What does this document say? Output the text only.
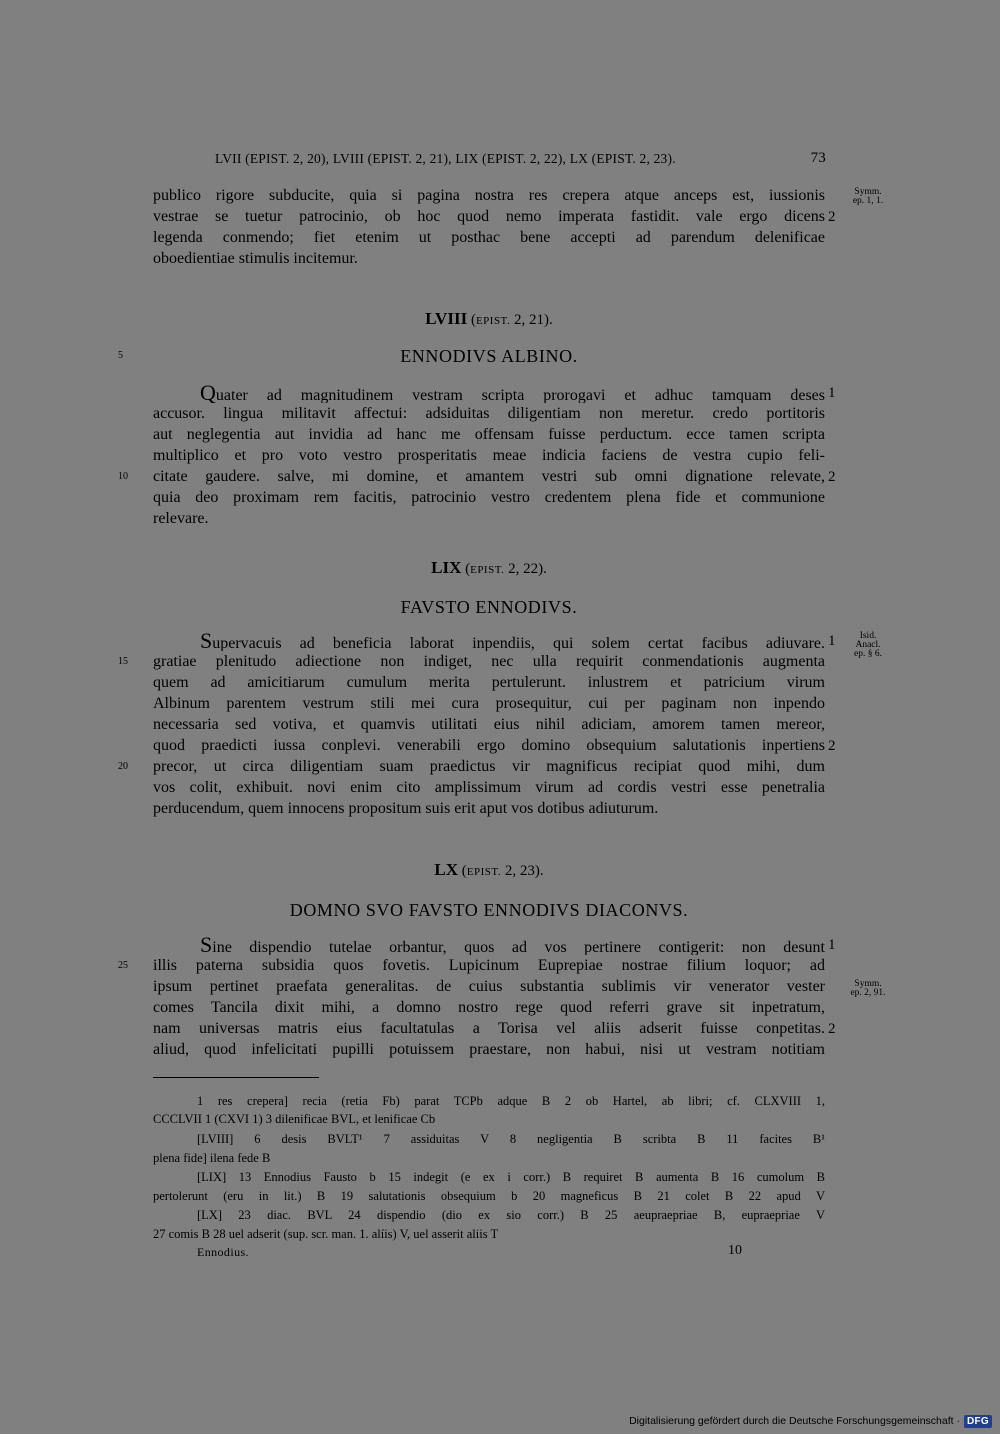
LVII (EPIST. 2, 20), LVIII (EPIST. 2, 21), LIX (EPIST. 2, 22), LX (EPIST. 2, 23).	73
publico rigore subducite, quia si pagina nostra res crepera atque anceps est, iussionis
vestrae se tuetur patrocinio, ob hoc quod nemo imperata fastidit. vale ergo dicens
legenda conmendo; fiet etenim ut posthac bene accepti ad parendum delenificae
oboedientiae stimulis incitemur.
2
Symm.
ep. 1, 1.
LVIII (EPIST. 2, 21).
5	ENNODIVS ALBINO.
Quater ad magnitudinem vestram scripta prorogavi et adhuc tamquam deses
accusor. lingua militavit affectui: adsiduitas diligentiam non meretur. credo portitoris
aut neglegentia aut invidia ad hanc me offensam fuisse perductum. ecce tamen scripta
multiplico et pro voto vestro prosperitatis meae indicia faciens de vestra cupio feli-
citate gaudere. salve, mi domine, et amantem vestri sub omni dignatione relevate,
quia deo proximam rem facitis, patrocinio vestro credentem plena fide et communione
relevare.
1
2
10
LIX (EPIST. 2, 22).
FAVSTO ENNODIVS.
Supervacuis ad beneficia laborat inpendiis, qui solem certat facibus adiuvare.
gratiae plenitudo adiectione non indiget, nec ulla requirit conmendationis augmenta
quem ad amicitiarum cumulum merita pertulerunt. inlustrem et patricium virum
Albinum parentem vestrum stili mei cura prosequitur, cui per paginam non inpendo
necessaria sed votiva, et quamvis utilitati eius nihil adiciam, amorem tamen mereor,
quod praedicti iussa conplevi. venerabili ergo domino obsequium salutationis inpertiens
precor, ut circa diligentiam suam praedictus vir magnificus recipiat quod mihi, dum
vos colit, exhibuit. novi enim cito amplissimum virum ad cordis vestri esse penetralia
perducendum, quem innocens propositum suis erit aput vos dotibus adiuturum.
1
2
15
20
Isid.
Anacl.
ep. § 6.
LX (EPIST. 2, 23).
DOMNO SVO FAVSTO ENNODIVS DIACONVS.
Sine dispendio tutelae orbantur, quos ad vos pertinere contigerit: non desunt
illis paterna subsidia quos fovetis. Lupicinum Euprepiae nostrae filium loquor; ad
ipsum pertinet praefata generalitas. de cuius substantia sublimis vir venerator vester
comes Tancila dixit mihi, a domno nostro rege quod referri grave sit inpetratum,
nam universas matris eius facultatulas a Torisa vel aliis adserit fuisse conpetitas.
aliud, quod infelicitati pupilli potuissem praestare, non habui, nisi ut vestram notitiam
1
2
25
Symm.
ep. 2, 91.
1 res crepera] recia (retia Fb) parat TCPb adque B 2 ob Hartel, ab libri; cf. CLXVIII 1,
CCCLVII 1 (CXVI 1) 3 dilenificae BVL, et lenificae Cb
[LVIII] 6 desis BVLT¹ 7 assiduitas V 8 negligentia B scribta B 11 facites B¹
plena fide] ilena fede B
[LIX] 13 Ennodius Fausto b 15 indegit (e ex i corr.) B requiret B aumenta B 16 cumolum B
pertolerunt (eru in lit.) B 19 salutationis obsequium b 20 magneficus B 21 colet B 22 apud V
[LX] 23 diac. BVL 24 dispendio (dio ex sio corr.) B 25 aeupraepriae B, eupraepriae V
27 comis B 28 uel adserit (sup. scr. man. 1. alíis) V, uel asserit aliis T
Ennodius.	10
Digitalisierung gefördert durch die Deutsche Forschungsgemeinschaft · DFG
